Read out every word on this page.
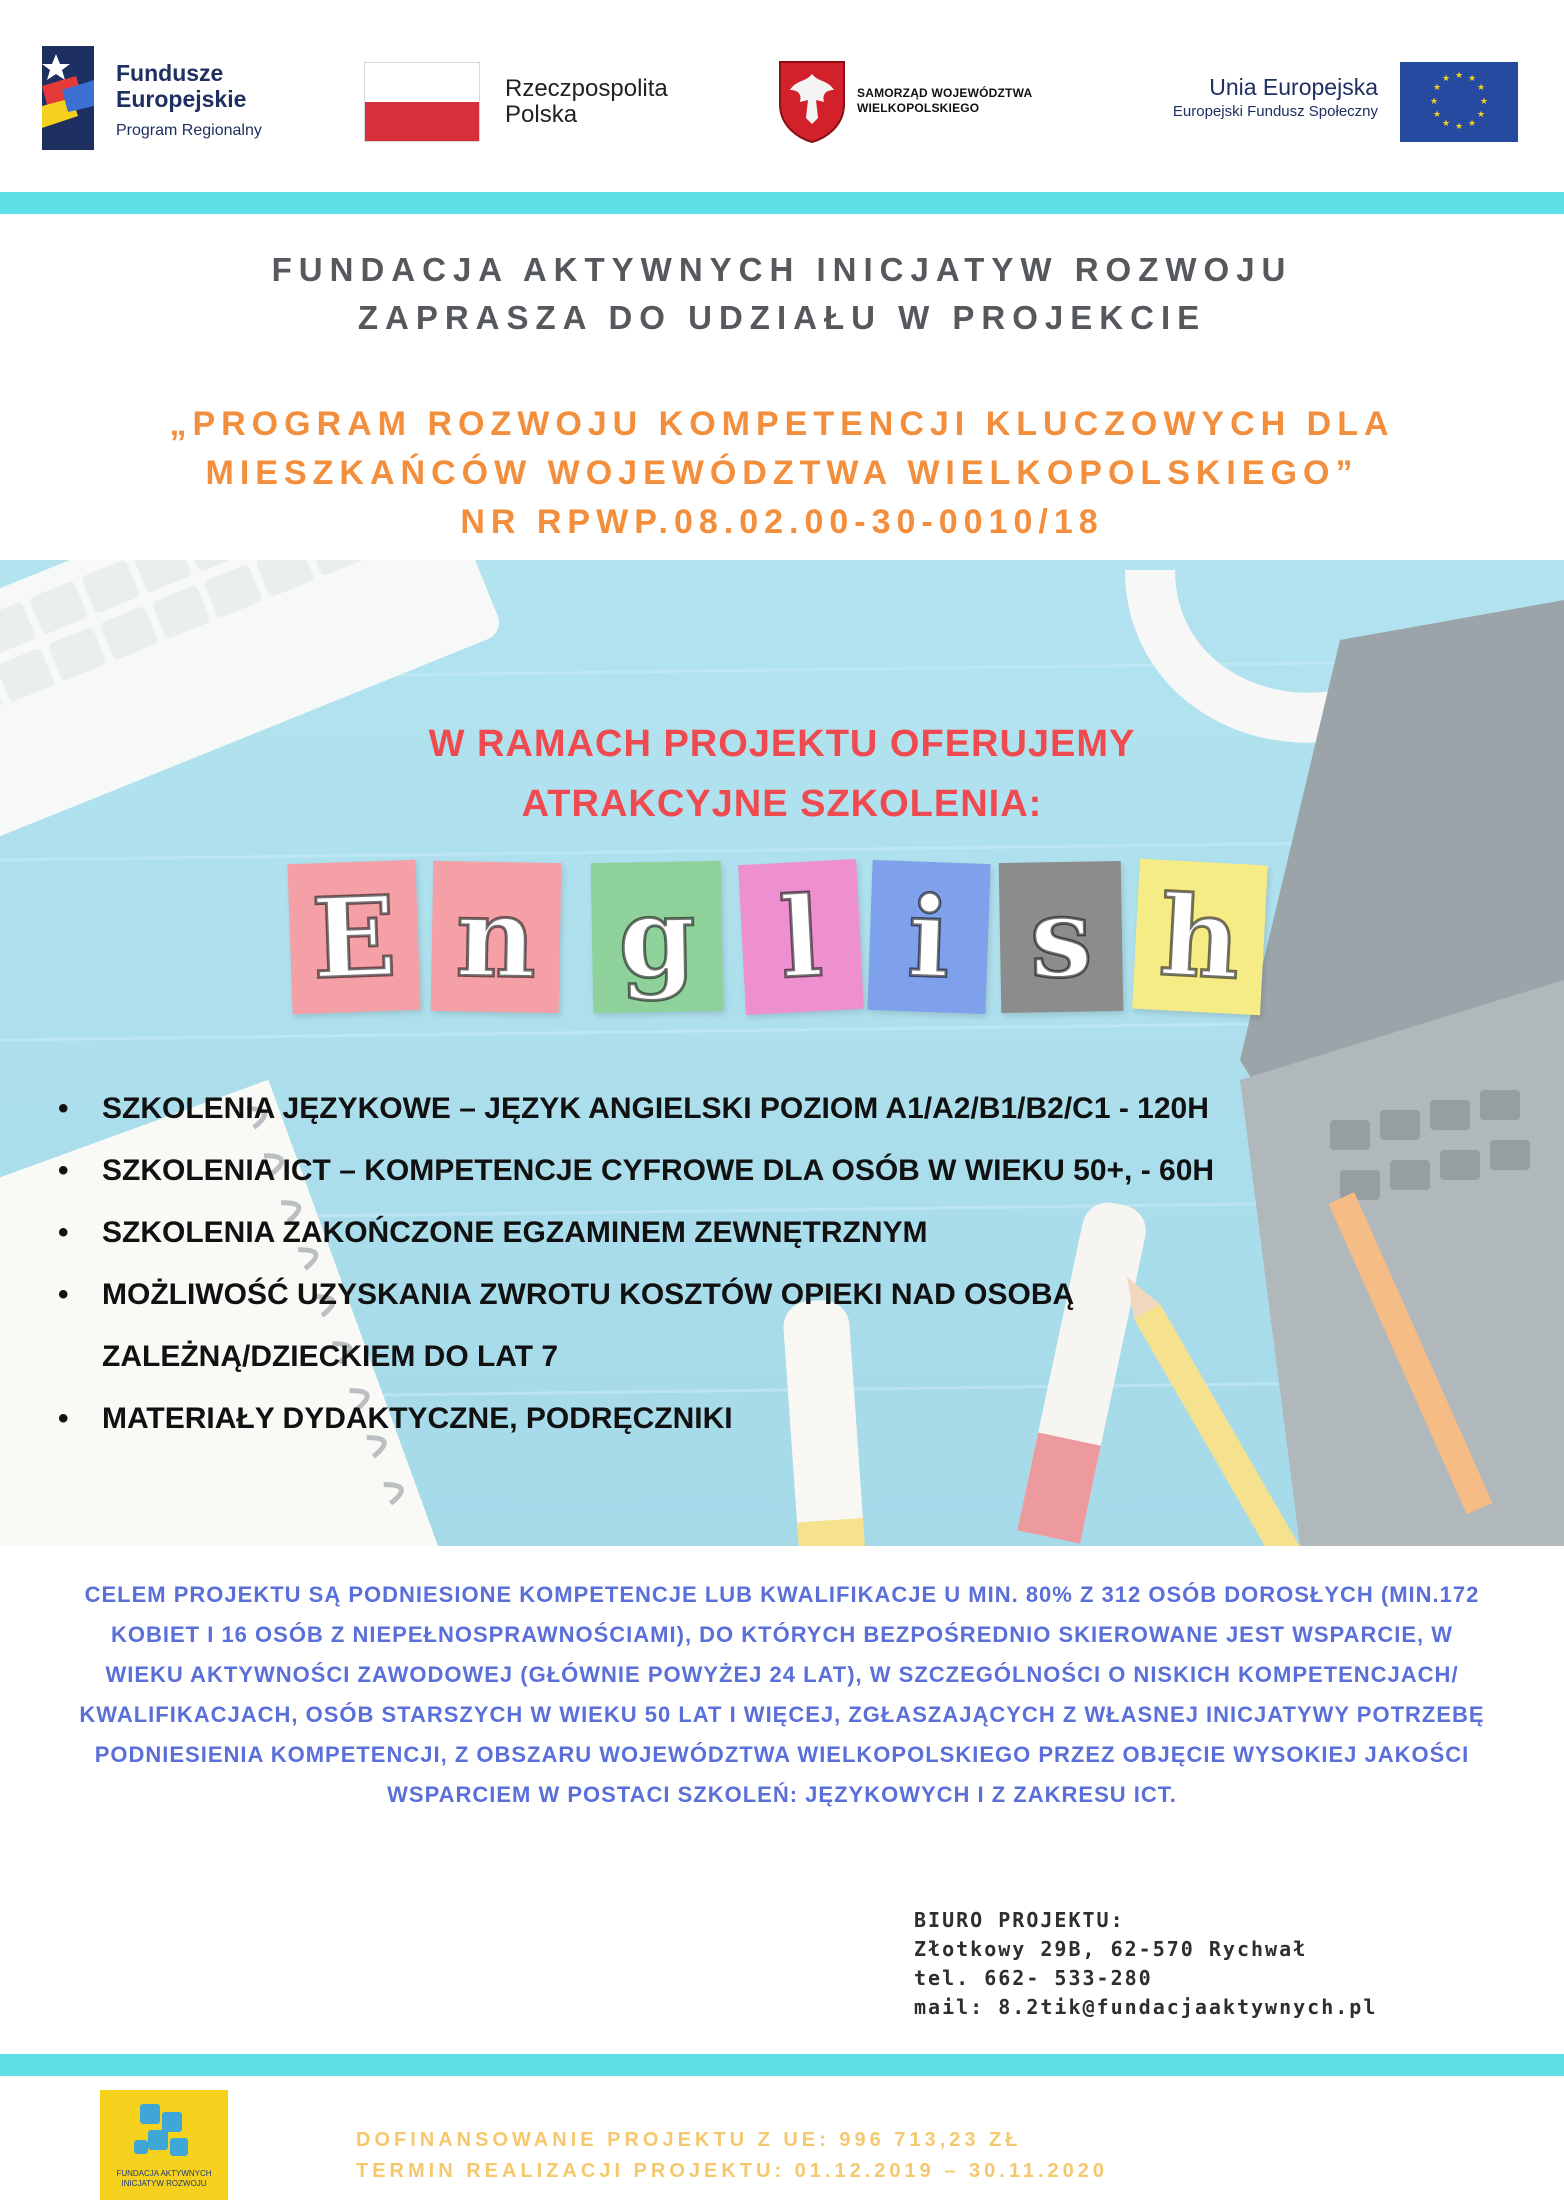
Fundusze
Europejskie
Program Regionalny
Rzeczpospolita
Polska
SAMORZĄD WOJEWÓDZTWA
WIELKOPOLSKIEGO
Unia Europejska
Europejski Fundusz Społeczny
★ ★
★
★
★
★
★
★
★
★
★
★
FUNDACJA AKTYWNYCH INICJATYW ROZWOJU
ZAPRASZA DO UDZIAŁU W PROJEKCIE
„PROGRAM ROZWOJU KOMPETENCJI KLUCZOWYCH DLA
MIESZKAŃCÓW WOJEWÓDZTWA WIELKOPOLSKIEGO”
NR RPWP.08.02.00-30-0010/18
W RAMACH PROJEKTU OFERUJEMY
ATRAKCYJNE SZKOLENIA:
E n g l i s h
• SZKOLENIA JĘZYKOWE – JĘZYK ANGIELSKI POZIOM A1/A2/B1/B2/C1 - 120H
• SZKOLENIA ICT – KOMPETENCJE CYFROWE DLA OSÓB W WIEKU 50+, - 60H
• SZKOLENIA ZAKOŃCZONE EGZAMINEM ZEWNĘTRZNYM
• MOŻLIWOŚĆ UZYSKANIA ZWROTU KOSZTÓW OPIEKI NAD OSOBĄ ZALEŻNĄ/DZIECKIEM DO LAT 7
• MATERIAŁY DYDAKTYCZNE, PODRĘCZNIKI
CELEM PROJEKTU SĄ PODNIESIONE KOMPETENCJE LUB KWALIFIKACJE U MIN. 80% Z 312 OSÓB DOROSŁYCH (MIN.172 KOBIET I 16 OSÓB Z NIEPEŁNOSPRAWNOŚCIAMI), DO KTÓRYCH BEZPOŚREDNIO SKIEROWANE JEST WSPARCIE, W WIEKU AKTYWNOŚCI ZAWODOWEJ (GŁÓWNIE POWYŻEJ 24 LAT), W SZCZEGÓLNOŚCI O NISKICH KOMPETENCJACH/ KWALIFIKACJACH, OSÓB STARSZYCH W WIEKU 50 LAT I WIĘCEJ, ZGŁASZAJĄCYCH Z WŁASNEJ INICJATYWY POTRZEBĘ PODNIESIENIA KOMPETENCJI, Z OBSZARU WOJEWÓDZTWA WIELKOPOLSKIEGO PRZEZ OBJĘCIE WYSOKIEJ JAKOŚCI WSPARCIEM W POSTACI SZKOLEŃ: JĘZYKOWYCH I Z ZAKRESU ICT.
BIURO PROJEKTU:
Złotkowy 29B, 62-570 Rychwał
tel. 662- 533-280
mail: 8.2tik@fundacjaaktywnych.pl
FUNDACJA AKTYWNYCH
INICJATYW ROZWOJU
DOFINANSOWANIE PROJEKTU Z UE: 996 713,23 ZŁ
TERMIN REALIZACJI PROJEKTU: 01.12.2019 – 30.11.2020
